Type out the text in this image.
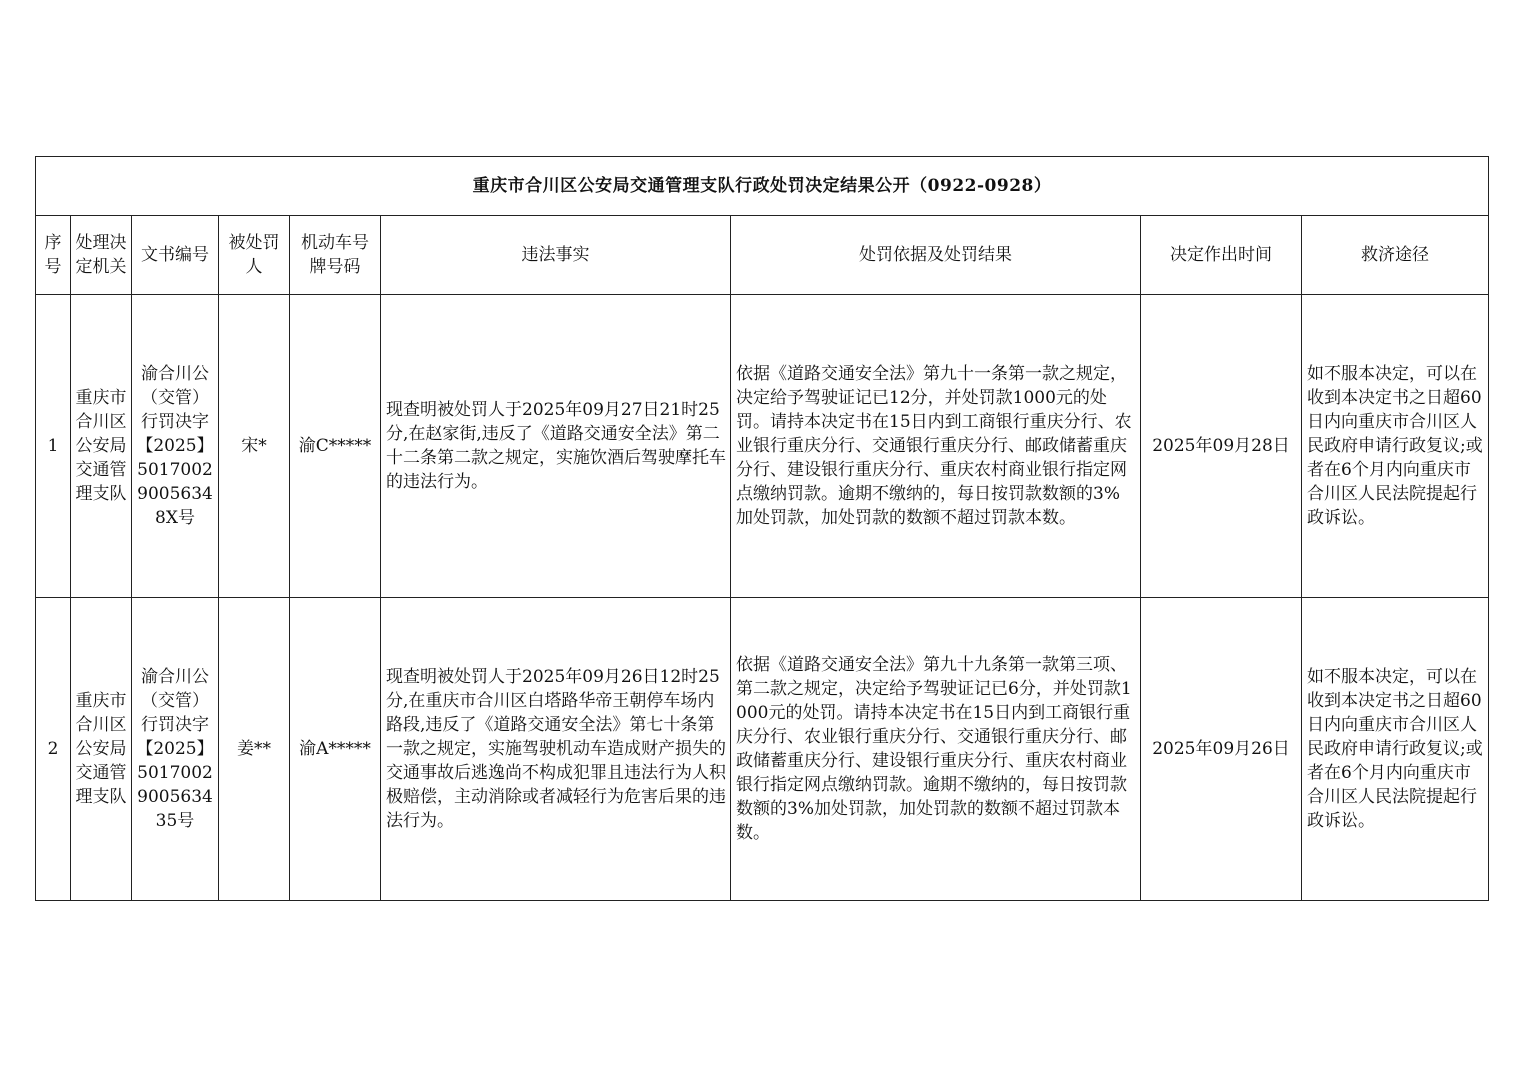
重庆市合川区公安局交通管理支队行政处罚决定结果公开（0922-0928）								
序号	处理决定机关	文书编号	被处罚人	机动车号牌号码	违法事实	处罚依据及处罚结果	决定作出时间	救济途径
1	重庆市合川区公安局交通管理支队	渝合川公（交管）行罚决字【2025】501700290056348X号	宋*	渝C*****	现查明被处罚人于2025年09月27日21时25分,在赵家街,违反了《道路交通安全法》第二十二条第二款之规定，实施饮酒后驾驶摩托车的违法行为。	依据《道路交通安全法》第九十一条第一款之规定，决定给予驾驶证记已12分，并处罚款1000元的处罚。请持本决定书在15日内到工商银行重庆分行、农业银行重庆分行、交通银行重庆分行、邮政储蓄重庆分行、建设银行重庆分行、重庆农村商业银行指定网点缴纳罚款。逾期不缴纳的，每日按罚款数额的3%加处罚款，加处罚款的数额不超过罚款本数。	2025年09月28日	如不服本决定，可以在收到本决定书之日超60日内向重庆市合川区人民政府申请行政复议;或者在6个月内向重庆市合川区人民法院提起行政诉讼。
2	重庆市合川区公安局交通管理支队	渝合川公（交管）行罚决字【2025】5017002900563435号	姜**	渝A*****	现查明被处罚人于2025年09月26日12时25分,在重庆市合川区白塔路华帝王朝停车场内路段,违反了《道路交通安全法》第七十条第一款之规定，实施驾驶机动车造成财产损失的交通事故后逃逸尚不构成犯罪且违法行为人积极赔偿，主动消除或者减轻行为危害后果的违法行为。	依据《道路交通安全法》第九十九条第一款第三项、第二款之规定，决定给予驾驶证记已6分，并处罚款1000元的处罚。请持本决定书在15日内到工商银行重庆分行、农业银行重庆分行、交通银行重庆分行、邮政储蓄重庆分行、建设银行重庆分行、重庆农村商业银行指定网点缴纳罚款。逾期不缴纳的，每日按罚款数额的3%加处罚款，加处罚款的数额不超过罚款本数。	2025年09月26日	如不服本决定，可以在收到本决定书之日超60日内向重庆市合川区人民政府申请行政复议;或者在6个月内向重庆市合川区人民法院提起行政诉讼。
